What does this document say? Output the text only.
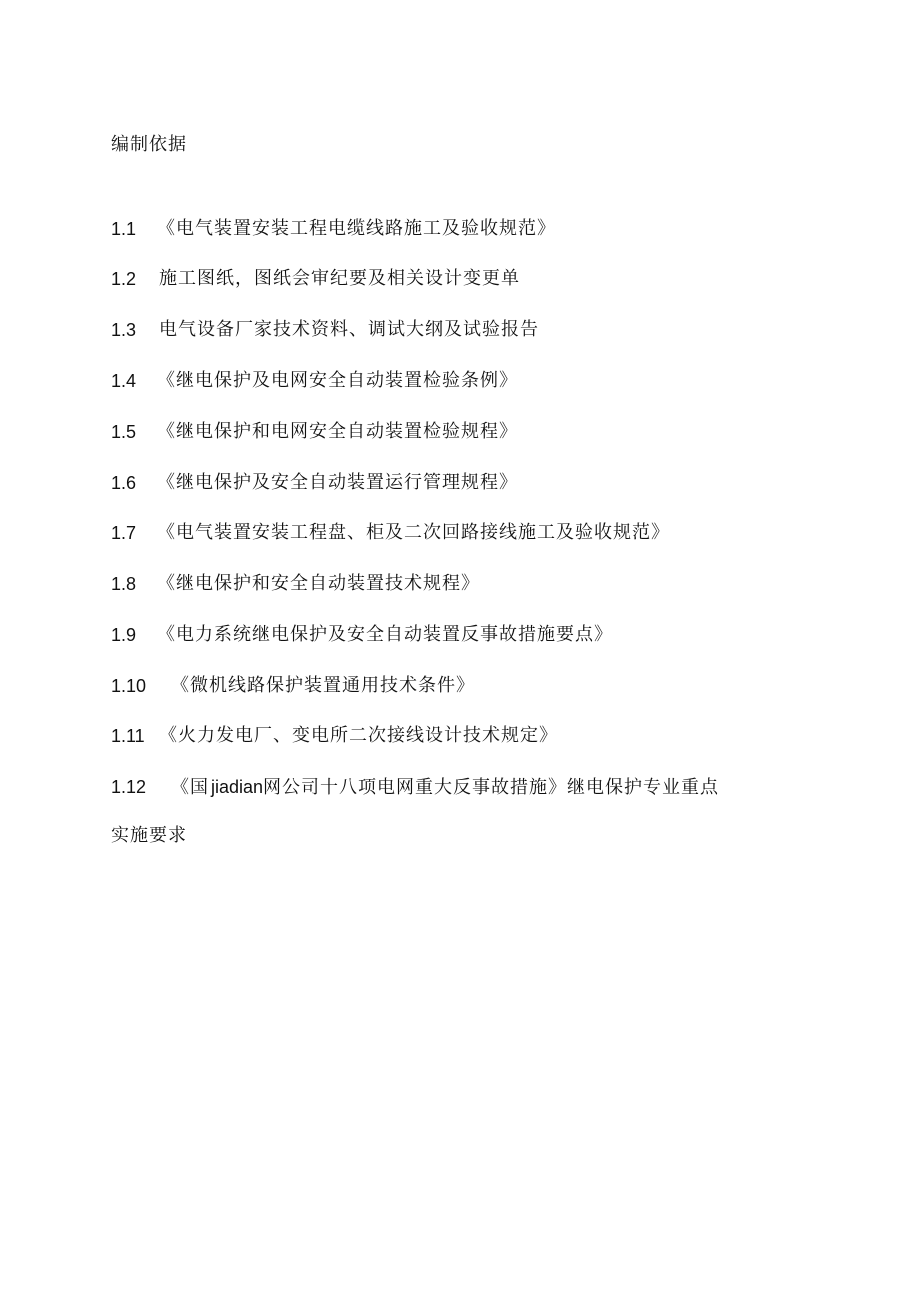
编制依据
1.1 《电气装置安装工程电缆线路施工及验收规范》
1.2 施工图纸，图纸会审纪要及相关设计变更单
1.3 电气设备厂家技术资料、调试大纲及试验报告
1.4 《继电保护及电网安全自动装置检验条例》
1.5 《继电保护和电网安全自动装置检验规程》
1.6 《继电保护及安全自动装置运行管理规程》
1.7 《电气装置安装工程盘、柜及二次回路接线施工及验收规范》
1.8 《继电保护和安全自动装置技术规程》
1.9 《电力系统继电保护及安全自动装置反事故措施要点》
1.10 《微机线路保护装置通用技术条件》
1.11 《火力发电厂、变电所二次接线设计技术规定》
1.12 《国 jiadian网公司十八项电网重大反事故措施》继电保护专业重点
实施要求
